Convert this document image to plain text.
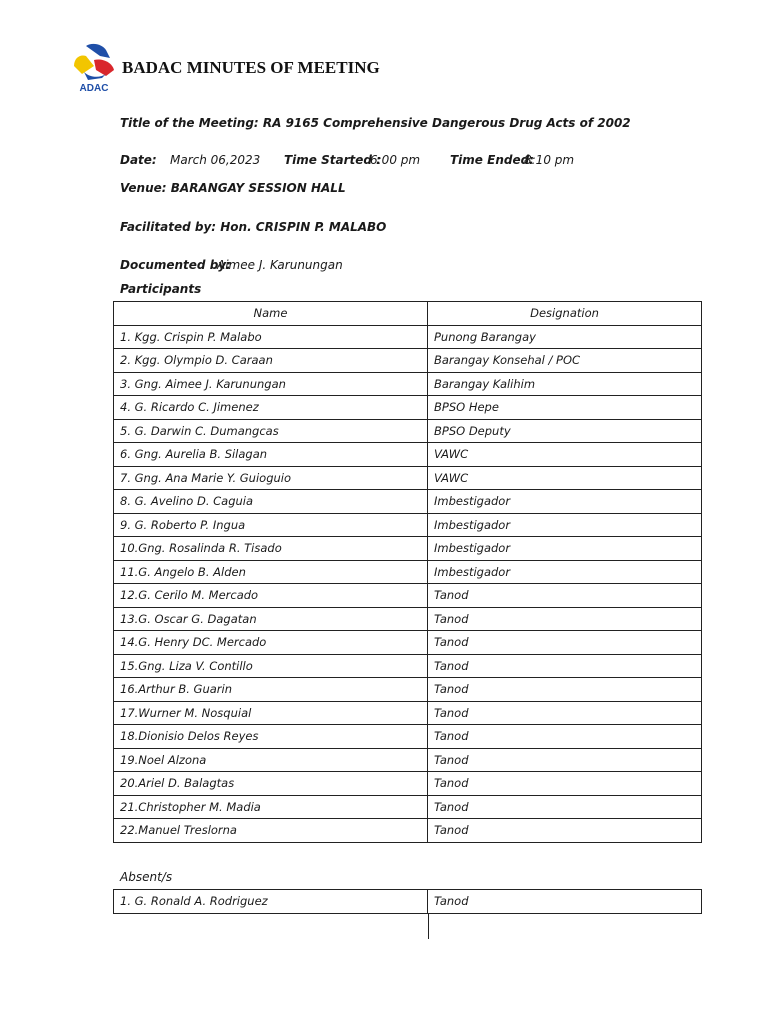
ADAC
BADAC MINUTES OF MEETING
Title of the Meeting: RA 9165 Comprehensive Dangerous Drug Acts of 2002
Date: March 06,2023 Time Started :
6:00 pm Time Ended:
8:10 pm
Venue: BARANGAY SESSION HALL
Facilitated by: Hon. CRISPIN P. MALABO
Documented by:
Aimee J. Karunungan
Participants
Name	Designation
1. Kgg. Crispin P. Malabo	Punong Barangay
2. Kgg. Olympio D. Caraan	Barangay Konsehal / POC
3. Gng. Aimee J. Karunungan	Barangay Kalihim
4. G. Ricardo C. Jimenez	BPSO Hepe
5. G. Darwin C. Dumangcas	BPSO Deputy
6. Gng. Aurelia B. Silagan	VAWC
7. Gng. Ana Marie Y. Guioguio	VAWC
8. G. Avelino D. Caguia	Imbestigador
9. G. Roberto P. Ingua	Imbestigador
10.Gng. Rosalinda R. Tisado	Imbestigador
11.G. Angelo B. Alden	Imbestigador
12.G. Cerilo M. Mercado	Tanod
13.G. Oscar G. Dagatan	Tanod
14.G. Henry DC. Mercado	Tanod
15.Gng. Liza V. Contillo	Tanod
16.Arthur B. Guarin	Tanod
17.Wurner M. Nosquial	Tanod
18.Dionisio Delos Reyes	Tanod
19.Noel Alzona	Tanod
20.Ariel D. Balagtas	Tanod
21.Christopher M. Madia	Tanod
22.Manuel Treslorna	Tanod
Absent/s
1. G. Ronald A. Rodriguez	Tanod
